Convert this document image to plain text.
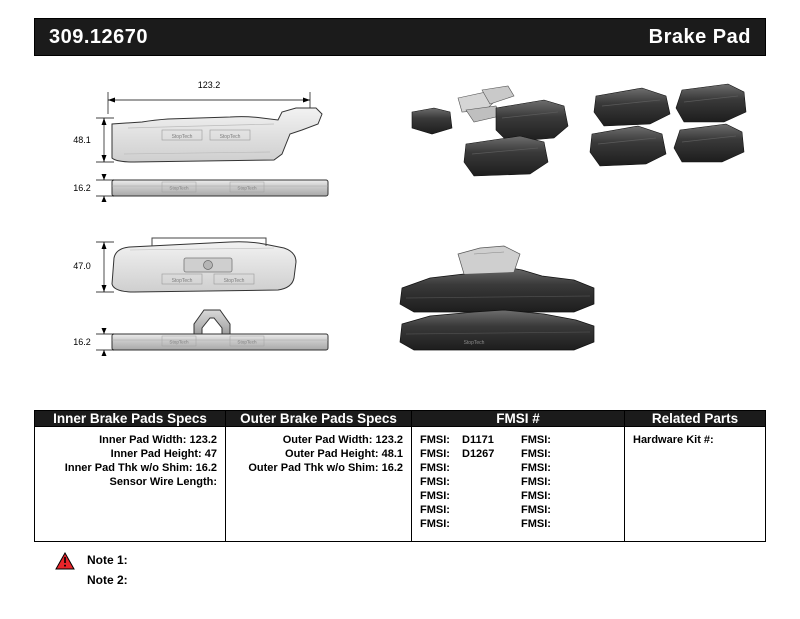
309.12670	Brake Pad
123.2
StopTech	StopTech
48.1
StopTech	StopTech
16.2
StopTech	StopTech
47.0
StopTech	StopTech
16.2	StopTech
Inner Brake Pads Specs	Outer Brake Pads Specs	FMSI #	Related Parts

Inner Pad Width: 123.2
Inner Pad Height: 47
Inner Pad Thk w/o Shim: 16.2
Sensor Wire Length:

Outer Pad Width: 123.2
Outer Pad Height: 48.1
Outer Pad Thk w/o Shim: 16.2

FMSI: D1171	FMSI:
FMSI: D1267	FMSI:
FMSI:	FMSI:
FMSI:	FMSI:
FMSI:	FMSI:
FMSI:	FMSI:
FMSI:	FMSI:

Hardware Kit #:
Note 1:
Note 2:
